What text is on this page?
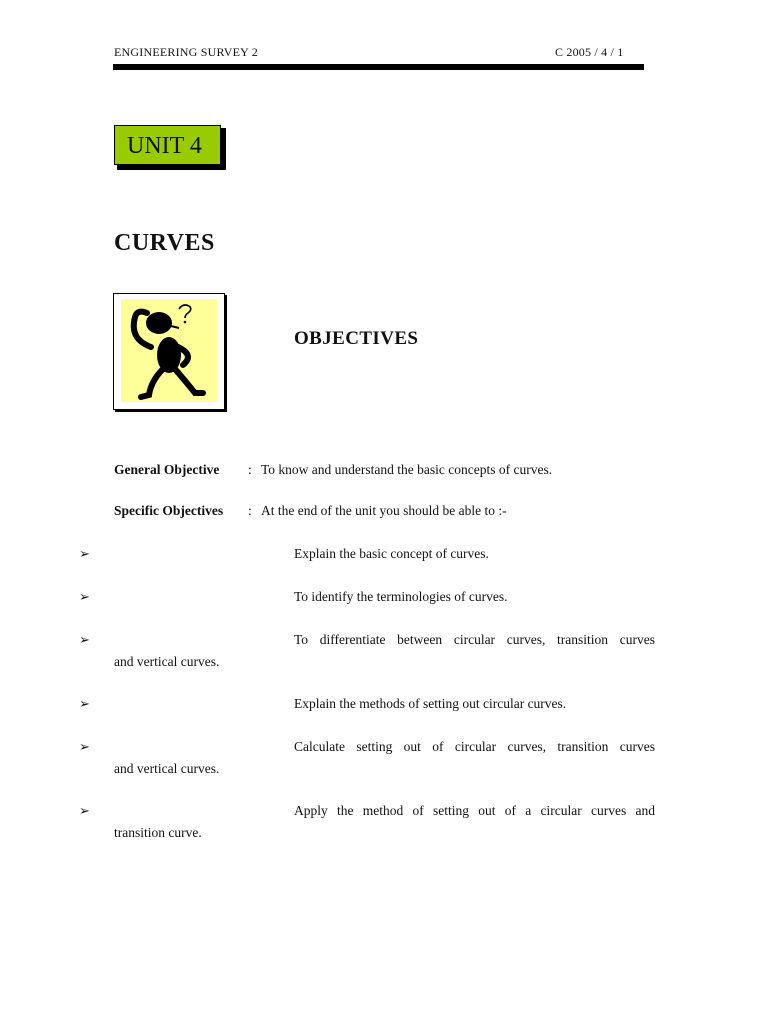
ENGINEERING SURVEY 2	C 2005 / 4 / 1
UNIT 4
CURVES
OBJECTIVES
General Objective : To know and understand the basic concepts of curves.
Specific Objectives : At the end of the unit you should be able to :-
➢	Explain the basic concept of curves.
➢	To identify the terminologies of curves.
➢	To differentiate between circular curves, transition curves
and vertical curves.
➢	Explain the methods of setting out circular curves.
➢	Calculate setting out of circular curves, transition curves
and vertical curves.
➢	Apply the method of setting out of a circular curves and
transition curve.
